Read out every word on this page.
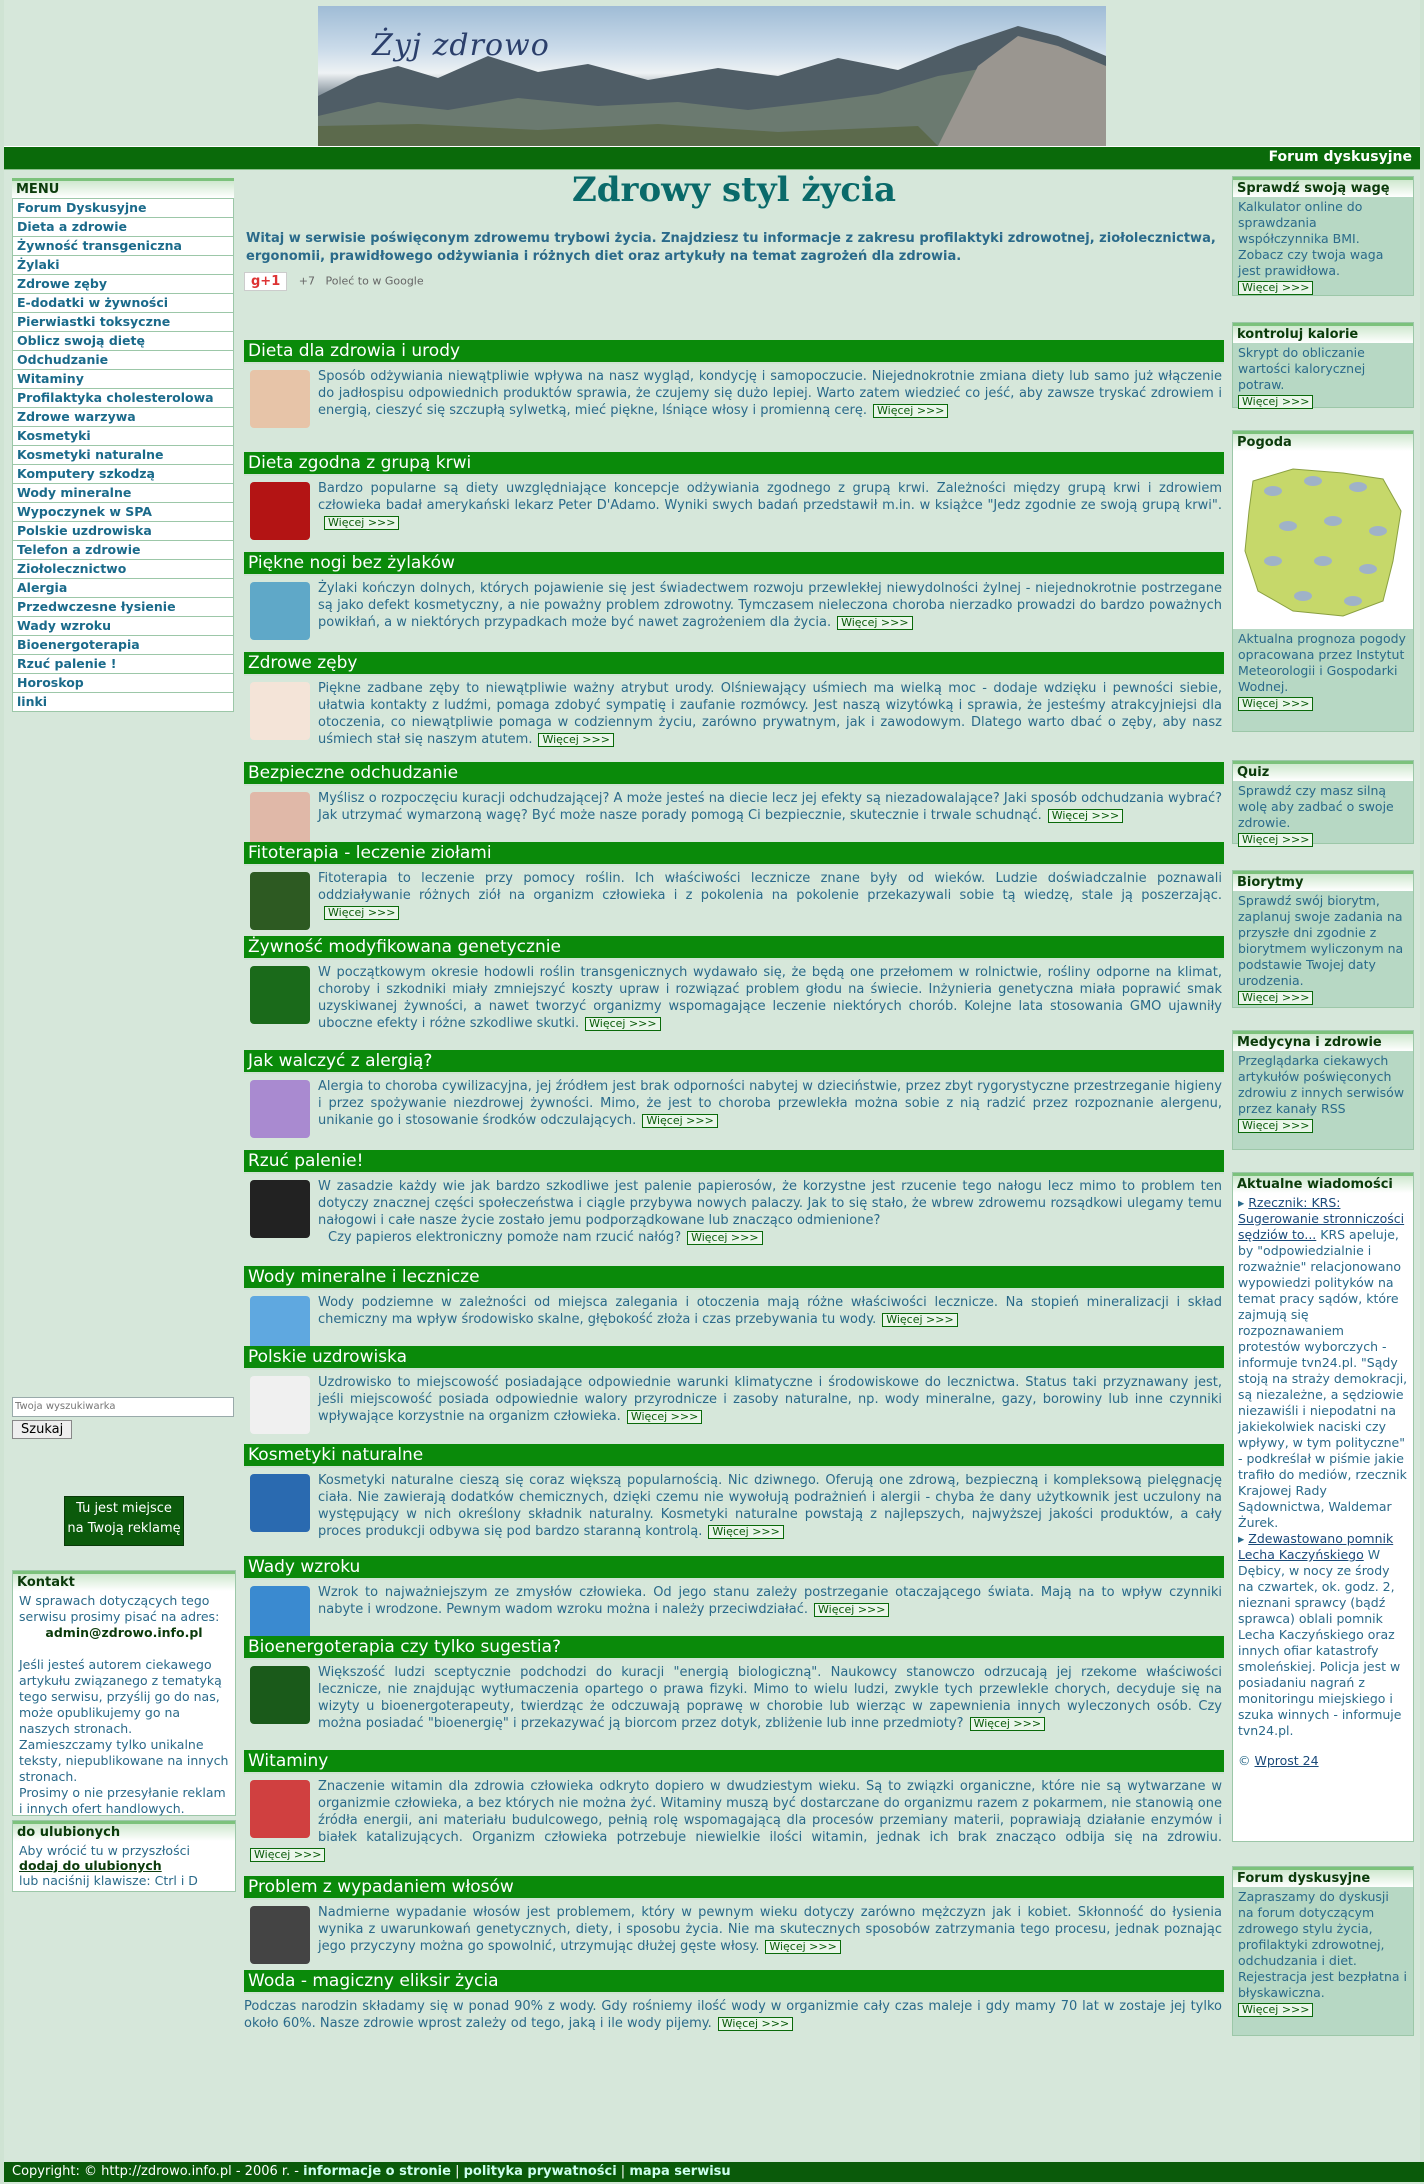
Żyj zdrowo
Forum dyskusyjne
MENU
Forum Dyskusyjne
Dieta a zdrowie
Żywność transgeniczna
Żylaki
Zdrowe zęby
E-dodatki w żywności
Pierwiastki toksyczne
Oblicz swoją dietę
Odchudzanie
Witaminy
Profilaktyka cholesterolowa
Zdrowe warzywa
Kosmetyki
Kosmetyki naturalne
Komputery szkodzą
Wody mineralne
Wypoczynek w SPA
Polskie uzdrowiska
Telefon a zdrowie
Ziołolecznictwo
Alergia
Przedwczesne łysienie
Wady wzroku
Bioenergoterapia
Rzuć palenie !
Horoskop
linki
Twoja wyszukiwarka
Szukaj
Tu jest miejsce
na Twoją reklamę
Kontakt
W sprawach dotyczących tego serwisu prosimy pisać na adres:
admin@zdrowo.info.pl
Jeśli jesteś autorem ciekawego artykułu związanego z tematyką tego serwisu, przyślij go do nas, może opublikujemy go na naszych stronach. Zamieszczamy tylko unikalne teksty, niepublikowane na innych stronach.
Prosimy o nie przesyłanie reklam i innych ofert handlowych.
do ulubionych
Aby wrócić tu w przyszłości
dodaj do ulubionych
lub naciśnij klawisze: Ctrl i D
Zdrowy styl życia
Witaj w serwisie poświęconym zdrowemu trybowi życia. Znajdziesz tu informacje z zakresu profilaktyki zdrowotnej, ziołolecznictwa, ergonomii, prawidłowego odżywiania i różnych diet oraz artykuły na temat zagrożeń dla zdrowia.
g+1 +7 Poleć to w Google
Dieta dla zdrowia i urody
Sposób odżywiania niewątpliwie wpływa na nasz wygląd, kondycję i samopoczucie. Niejednokrotnie zmiana diety lub samo już włączenie do jadłospisu odpowiednich produktów sprawia, że czujemy się dużo lepiej. Warto zatem wiedzieć co jeść, aby zawsze tryskać zdrowiem i energią, cieszyć się szczupłą sylwetką, mieć piękne, lśniące włosy i promienną cerę. Więcej >>>
Dieta zgodna z grupą krwi
Bardzo popularne są diety uwzględniające koncepcje odżywiania zgodnego z grupą krwi. Zależności między grupą krwi i zdrowiem człowieka badał amerykański lekarz Peter D'Adamo. Wyniki swych badań przedstawił m.in. w książce "Jedz zgodnie ze swoją grupą krwi".Więcej >>>
Piękne nogi bez żylaków
Żylaki kończyn dolnych, których pojawienie się jest świadectwem rozwoju przewlekłej niewydolności żylnej - niejednokrotnie postrzegane są jako defekt kosmetyczny, a nie poważny problem zdrowotny. Tymczasem nieleczona choroba nierzadko prowadzi do bardzo poważnych powikłań, a w niektórych przypadkach może być nawet zagrożeniem dla życia. Więcej >>>
Zdrowe zęby
Piękne zadbane zęby to niewątpliwie ważny atrybut urody. Olśniewający uśmiech ma wielką moc - dodaje wdzięku i pewności siebie, ułatwia kontakty z ludźmi, pomaga zdobyć sympatię i zaufanie rozmówcy. Jest naszą wizytówką i sprawia, że jesteśmy atrakcyjniejsi dla otoczenia, co niewątpliwie pomaga w codziennym życiu, zarówno prywatnym, jak i zawodowym. Dlatego warto dbać o zęby, aby nasz uśmiech stał się naszym atutem. Więcej >>>
Bezpieczne odchudzanie
Myślisz o rozpoczęciu kuracji odchudzającej? A może jesteś na diecie lecz jej efekty są niezadowalające? Jaki sposób odchudzania wybrać? Jak utrzymać wymarzoną wagę? Być może nasze porady pomogą Ci bezpiecznie, skutecznie i trwale schudnąć. Więcej >>>
Fitoterapia - leczenie ziołami
Fitoterapia to leczenie przy pomocy roślin. Ich właściwości lecznicze znane były od wieków. Ludzie doświadczalnie poznawali oddziaływanie różnych ziół na organizm człowieka i z pokolenia na pokolenie przekazywali sobie tą wiedzę, stale ją poszerzając.Więcej >>>
Żywność modyfikowana genetycznie
W początkowym okresie hodowli roślin transgenicznych wydawało się, że będą one przełomem w rolnictwie, rośliny odporne na klimat, choroby i szkodniki miały zmniejszyć koszty upraw i rozwiązać problem głodu na świecie. Inżynieria genetyczna miała poprawić smak uzyskiwanej żywności, a nawet tworzyć organizmy wspomagające leczenie niektórych chorób. Kolejne lata stosowania GMO ujawniły uboczne efekty i różne szkodliwe skutki. Więcej >>>
Jak walczyć z alergią?
Alergia to choroba cywilizacyjna, jej źródłem jest brak odporności nabytej w dzieciństwie, przez zbyt rygorystyczne przestrzeganie higieny i przez spożywanie niezdrowej żywności. Mimo, że jest to choroba przewlekła można sobie z nią radzić przez rozpoznanie alergenu, unikanie go i stosowanie środków odczulających. Więcej >>>
Rzuć palenie!
W zasadzie każdy wie jak bardzo szkodliwe jest palenie papierosów, że korzystne jest rzucenie tego nałogu lecz mimo to problem ten dotyczy znacznej części społeczeństwa i ciągle przybywa nowych palaczy. Jak to się stało, że wbrew zdrowemu rozsądkowi ulegamy temu nałogowi i całe nasze życie zostało jemu podporządkowane lub znacząco odmienione?
Czy papieros elektroniczny pomoże nam rzucić nałóg? Więcej >>>
Wody mineralne i lecznicze
Wody podziemne w zależności od miejsca zalegania i otoczenia mają różne właściwości lecznicze. Na stopień mineralizacji i skład chemiczny ma wpływ środowisko skalne, głębokość złoża i czas przebywania tu wody. Więcej >>>
Polskie uzdrowiska
Uzdrowisko to miejscowość posiadające odpowiednie warunki klimatyczne i środowiskowe do lecznictwa. Status taki przyznawany jest, jeśli miejscowość posiada odpowiednie walory przyrodnicze i zasoby naturalne, np. wody mineralne, gazy, borowiny lub inne czynniki wpływające korzystnie na organizm człowieka. Więcej >>>
Kosmetyki naturalne
Kosmetyki naturalne cieszą się coraz większą popularnością. Nic dziwnego. Oferują one zdrową, bezpieczną i kompleksową pielęgnację ciała. Nie zawierają dodatków chemicznych, dzięki czemu nie wywołują podrażnień i alergii - chyba że dany użytkownik jest uczulony na występujący w nich określony składnik naturalny. Kosmetyki naturalne powstają z najlepszych, najwyższej jakości produktów, a cały proces produkcji odbywa się pod bardzo staranną kontrolą. Więcej >>>
Wady wzroku
Wzrok to najważniejszym ze zmysłów człowieka. Od jego stanu zależy postrzeganie otaczającego świata. Mają na to wpływ czynniki nabyte i wrodzone. Pewnym wadom wzroku można i należy przeciwdziałać. Więcej >>>
Bioenergoterapia czy tylko sugestia?
Większość ludzi sceptycznie podchodzi do kuracji "energią biologiczną". Naukowcy stanowczo odrzucają jej rzekome właściwości lecznicze, nie znajdując wytłumaczenia opartego o prawa fizyki. Mimo to wielu ludzi, zwykle tych przewlekle chorych, decyduje się na wizyty u bioenergoterapeuty, twierdząc że odczuwają poprawę w chorobie lub wierząc w zapewnienia innych wyleczonych osób. Czy można posiadać "bioenergię" i przekazywać ją biorcom przez dotyk, zbliżenie lub inne przedmioty? Więcej >>>
Witaminy
Znaczenie witamin dla zdrowia człowieka odkryto dopiero w dwudziestym wieku. Są to związki organiczne, które nie są wytwarzane w organizmie człowieka, a bez których nie można żyć. Witaminy muszą być dostarczane do organizmu razem z pokarmem, nie stanowią one źródła energii, ani materiału budulcowego, pełnią rolę wspomagającą dla procesów przemiany materii, poprawiają działanie enzymów i białek katalizujących. Organizm człowieka potrzebuje niewielkie ilości witamin, jednak ich brak znacząco odbija się na zdrowiu.Więcej >>>
Problem z wypadaniem włosów
Nadmierne wypadanie włosów jest problemem, który w pewnym wieku dotyczy zarówno mężczyzn jak i kobiet. Skłonność do łysienia wynika z uwarunkowań genetycznych, diety, i sposobu życia. Nie ma skutecznych sposobów zatrzymania tego procesu, jednak poznając jego przyczyny można go spowolnić, utrzymując dłużej gęste włosy. Więcej >>>
Woda - magiczny eliksir życia
Podczas narodzin składamy się w ponad 90% z wody. Gdy rośniemy ilość wody w organizmie cały czas maleje i gdy mamy 70 lat w zostaje jej tylko około 60%. Nasze zdrowie wprost zależy od tego, jaką i ile wody pijemy. Więcej >>>
Sprawdź swoją wagę
Kalkulator online do sprawdzania współczynnika BMI. Zobacz czy twoja waga jest prawidłowa.
Więcej >>>
kontroluj kalorie
Skrypt do obliczanie wartości kalorycznej potraw.
Więcej >>>
Pogoda
Aktualna prognoza pogody opracowana przez Instytut Meteorologii i Gospodarki Wodnej.
Więcej >>>
Quiz
Sprawdź czy masz silną wolę aby zadbać o swoje zdrowie.
Więcej >>>
Biorytmy
Sprawdź swój biorytm, zaplanuj swoje zadania na przyszłe dni zgodnie z biorytmem wyliczonym na podstawie Twojej daty urodzenia.
Więcej >>>
Medycyna i zdrowie
Przeglądarka ciekawych artykułów poświęconych zdrowiu z innych serwisów przez kanały RSS
Więcej >>>
Aktualne wiadomości
▸ Rzecznik: KRS: Sugerowanie stronniczości sędziów to... KRS apeluje, by "odpowiedzialnie i rozważnie" relacjonowano wypowiedzi polityków na temat pracy sądów, które zajmują się rozpoznawaniem protestów wyborczych -informuje tvn24.pl. "Sądy stoją na straży demokracji, są niezależne, a sędziowie niezawiśli i niepodatni na jakiekolwiek naciski czy wpływy, w tym polityczne" - podkreślał w piśmie jakie trafiło do mediów, rzecznik Krajowej Rady Sądownictwa, Waldemar Żurek.
▸ Zdewastowano pomnik Lecha Kaczyńskiego W Dębicy, w nocy ze środy na czwartek, ok. godz. 2, nieznani sprawcy (bądź sprawca) oblali pomnik Lecha Kaczyńskiego oraz innych ofiar katastrofy smoleńskiej. Policja jest w posiadaniu nagrań z monitoringu miejskiego i szuka winnych - informuje tvn24.pl.
© Wprost 24
Forum dyskusyjne
Zapraszamy do dyskusji na forum dotyczącym zdrowego stylu życia, profilaktyki zdrowotnej, odchudzania i diet. Rejestracja jest bezpłatna i błyskawiczna.
Więcej >>>
Copyright: © http://zdrowo.info.pl - 2006 r. - informacje o stronie | polityka prywatności | mapa serwisu
